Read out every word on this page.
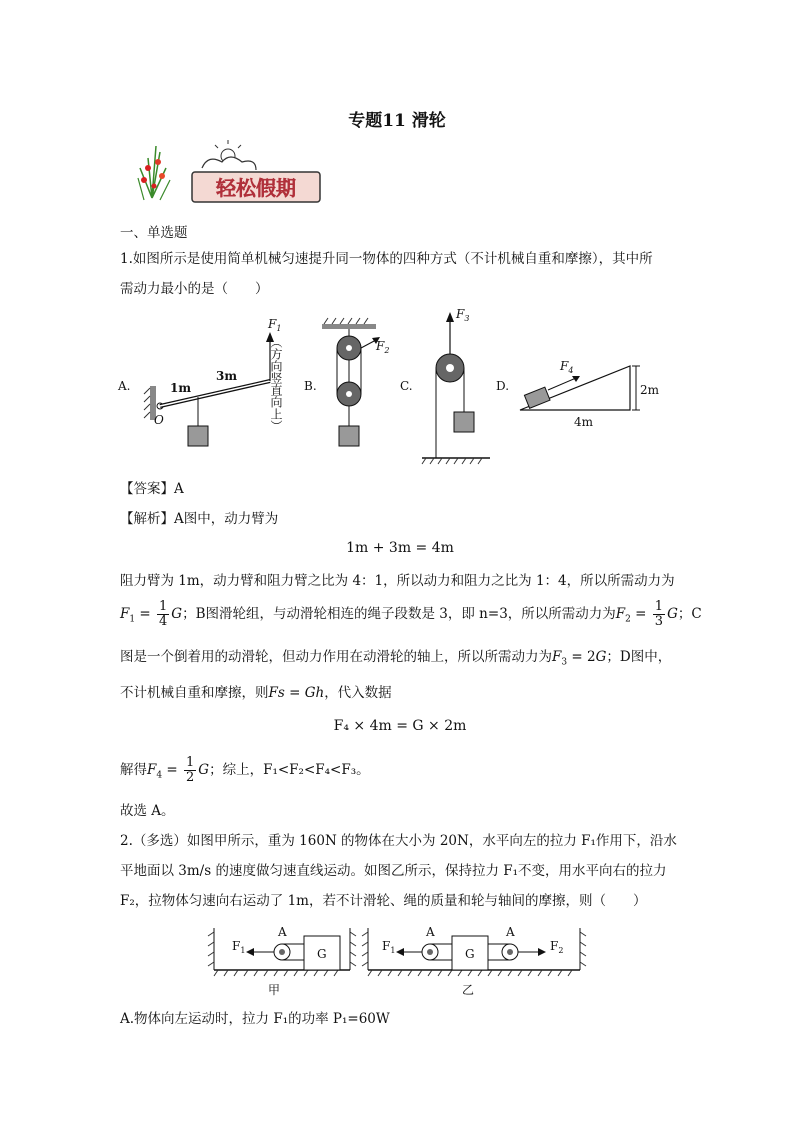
专题11 滑轮
轻松假期
一、单选题
1.如图所示是使用简单机械匀速提升同一物体的四种方式（不计机械自重和摩擦），其中所
需动力最小的是（　　）
A.
O
1m
3m
$F_1$
（方向竖直向上） B.
$F_2$
C.
$F_3$
D.
$F_4$
4m
2m
【答案】A
【解析】A图中，动力臂为
1m + 3m = 4m
阻力臂为 1m，动力臂和阻力臂之比为 4：1，所以动力和阻力之比为 1：4，所以所需动力为
$F_1 = \frac{1}{4}$ G；B图滑轮组，与动滑轮相连的绳子段数是 3，即 n=3，所以所需动力为$F_2 = \frac{1}{3}$ G；C
图是一个倒着用的动滑轮，但动力作用在动滑轮的轴上，所以所需动力为$F_3 = 2G$；D图中，
不计机械自重和摩擦，则Fs = Gh，代入数据
F₄ × 4m = G × 2m
解得$F_4 = \frac{1}{2}$ G；综上，F₁<F₂<F₄<F₃。
故选 A。
2.（多选）如图甲所示，重为 160N 的物体在大小为 20N，水平向左的拉力 F₁作用下，沿水
平地面以 3m/s 的速度做匀速直线运动。如图乙所示，保持拉力 F₁不变，用水平向右的拉力
F₂，拉物体匀速向右运动了 1m，若不计滑轮、绳的质量和轮与轴间的摩擦，则（　　）
G
A
$F_1$
甲
G
A
$F_1$
A
$F_2$
乙
A.物体向左运动时，拉力 F₁的功率 P₁=60W
